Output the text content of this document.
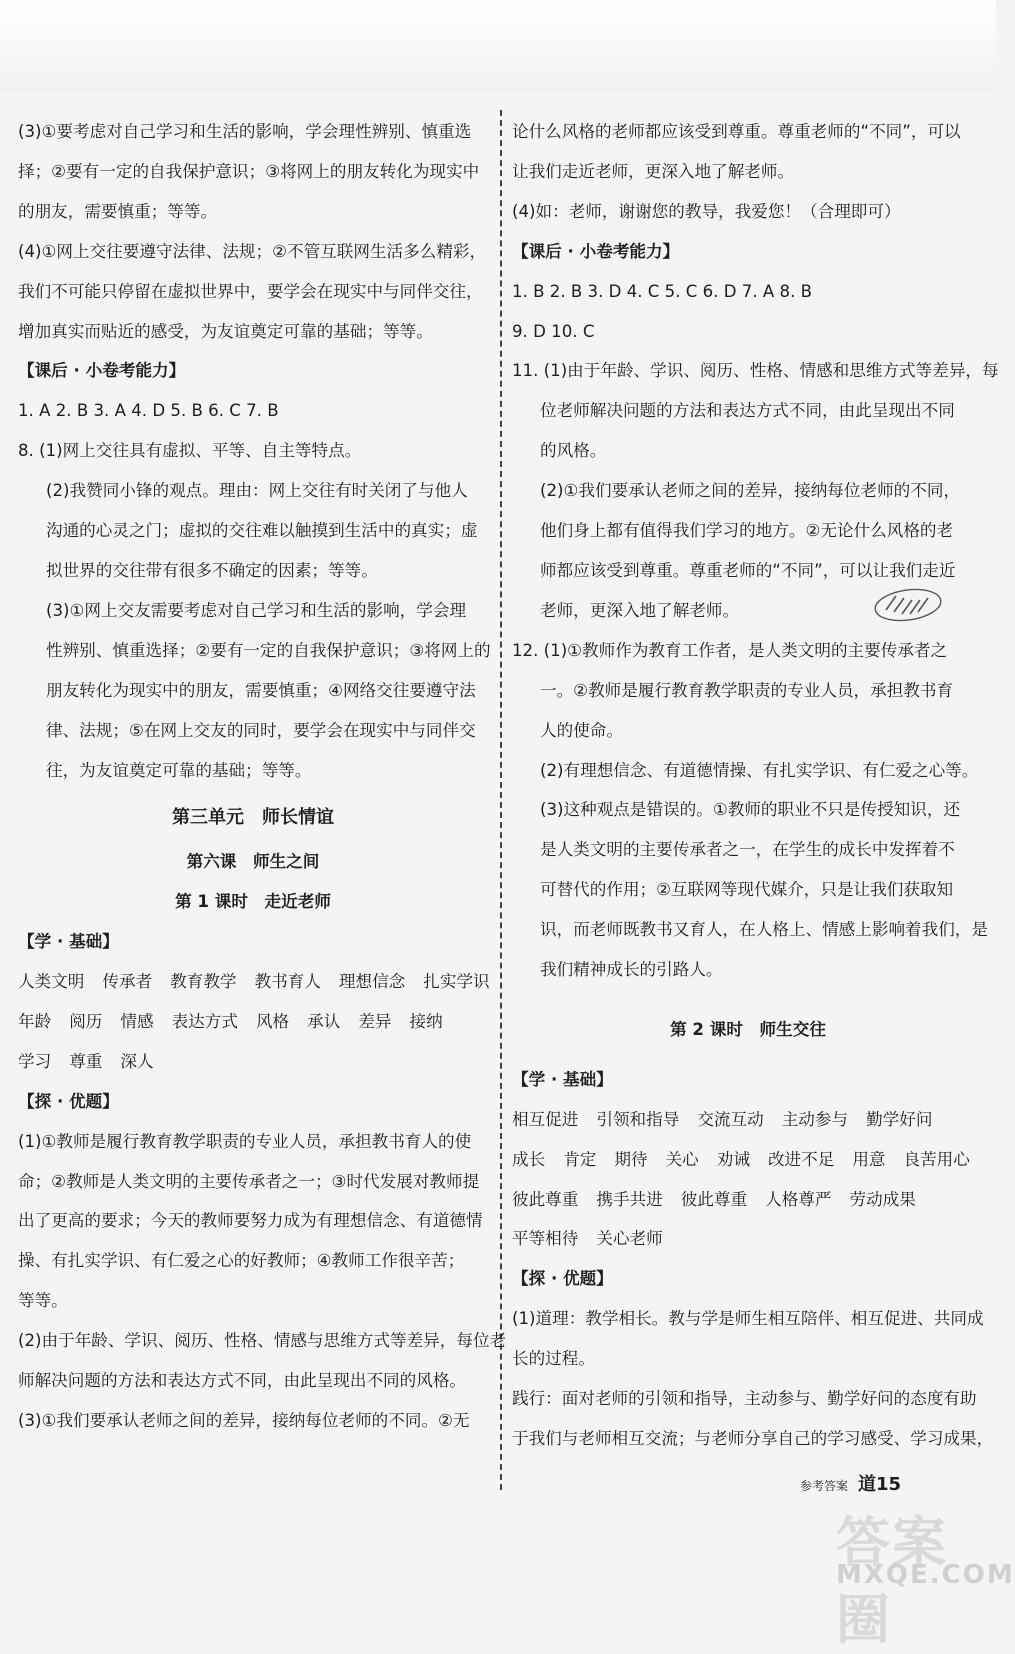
(3)①要考虑对自己学习和生活的影响，学会理性辨别、慎重选
择；②要有一定的自我保护意识；③将网上的朋友转化为现实中
的朋友，需要慎重；等等。
(4)①网上交往要遵守法律、法规；②不管互联网生活多么精彩，
我们不可能只停留在虚拟世界中，要学会在现实中与同伴交往，
增加真实而贴近的感受，为友谊奠定可靠的基础；等等。
【课后 · 小卷考能力】
1. A 2. B 3. A 4. D 5. B 6. C 7. B
8. (1)网上交往具有虚拟、平等、自主等特点。
(2)我赞同小锋的观点。理由：网上交往有时关闭了与他人
沟通的心灵之门；虚拟的交往难以触摸到生活中的真实；虚
拟世界的交往带有很多不确定的因素；等等。
(3)①网上交友需要考虑对自己学习和生活的影响，学会理
性辨别、慎重选择；②要有一定的自我保护意识；③将网上的
朋友转化为现实中的朋友，需要慎重；④网络交往要遵守法
律、法规；⑤在网上交友的同时，要学会在现实中与同伴交
往，为友谊奠定可靠的基础；等等。
第三单元　师长情谊
第六课　师生之间
第 1 课时　走近老师
【学 · 基础】
人类文明 传承者 教育教学 教书育人 理想信念 扎实学识
年龄 阅历 情感 表达方式 风格 承认 差异 接纳
学习 尊重 深人
【探 · 优题】
(1)①教师是履行教育教学职责的专业人员，承担教书育人的使
命；②教师是人类文明的主要传承者之一；③时代发展对教师提
出了更高的要求；今天的教师要努力成为有理想信念、有道德情
操、有扎实学识、有仁爱之心的好教师；④教师工作很辛苦；
等等。
(2)由于年龄、学识、阅历、性格、情感与思维方式等差异，每位老
师解决问题的方法和表达方式不同，由此呈现出不同的风格。
(3)①我们要承认老师之间的差异，接纳每位老师的不同。②无
论什么风格的老师都应该受到尊重。尊重老师的“不同”，可以
让我们走近老师，更深入地了解老师。
(4)如：老师，谢谢您的教导，我爱您！（合理即可）
【课后 · 小卷考能力】
1. B 2. B 3. D 4. C 5. C 6. D 7. A 8. B
9. D 10. C
11. (1)由于年龄、学识、阅历、性格、情感和思维方式等差异，每
位老师解决问题的方法和表达方式不同，由此呈现出不同
的风格。
(2)①我们要承认老师之间的差异，接纳每位老师的不同，
他们身上都有值得我们学习的地方。②无论什么风格的老
师都应该受到尊重。尊重老师的“不同”，可以让我们走近
老师，更深入地了解老师。
12. (1)①教师作为教育工作者，是人类文明的主要传承者之
一。②教师是履行教育教学职责的专业人员，承担教书育
人的使命。
(2)有理想信念、有道德情操、有扎实学识、有仁爱之心等。
(3)这种观点是错误的。①教师的职业不只是传授知识，还
是人类文明的主要传承者之一，在学生的成长中发挥着不
可替代的作用；②互联网等现代媒介，只是让我们获取知
识，而老师既教书又育人，在人格上、情感上影响着我们，是
我们精神成长的引路人。
第 2 课时　师生交往
【学 · 基础】
相互促进 引领和指导 交流互动 主动参与 勤学好问
成长 肯定 期待 关心 劝诫 改进不足 用意 良苦用心
彼此尊重 携手共进 彼此尊重 人格尊严 劳动成果
平等相待 关心老师
【探 · 优题】
(1)道理：教学相长。教与学是师生相互陪伴、相互促进、共同成
长的过程。
践行：面对老师的引领和指导，主动参与、勤学好问的态度有助
于我们与老师相互交流；与老师分享自己的学习感受、学习成果，
参考答案 道15
答案圈
MXQE.COM
